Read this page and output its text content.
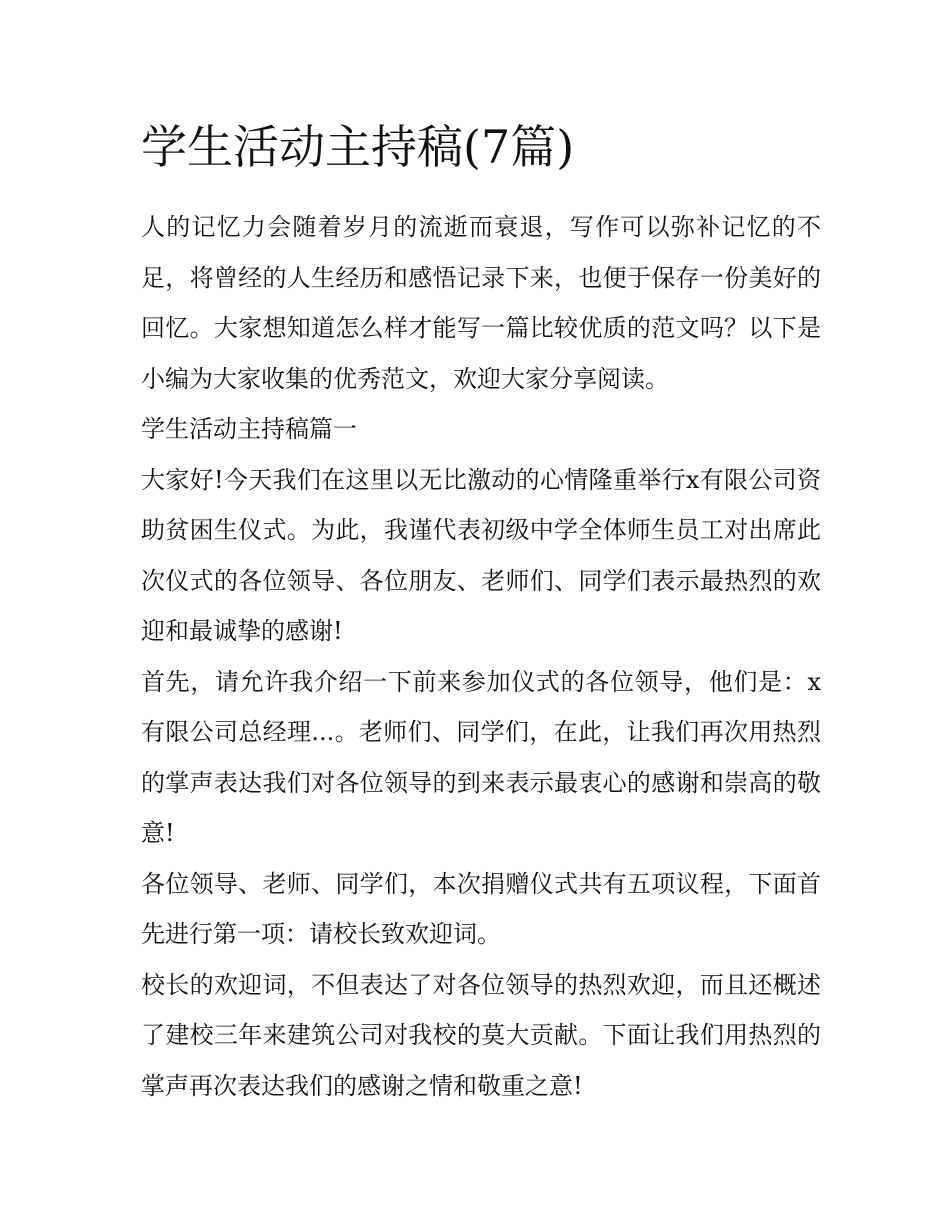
学生活动主持稿(7篇)

人的记忆力会随着岁月的流逝而衰退，写作可以弥补记忆的不足，将曾经的人生经历和感悟记录下来，也便于保存一份美好的回忆。大家想知道怎么样才能写一篇比较优质的范文吗？以下是小编为大家收集的优秀范文，欢迎大家分享阅读。

学生活动主持稿篇一

大家好!今天我们在这里以无比激动的心情隆重举行x有限公司资助贫困生仪式。为此，我谨代表初级中学全体师生员工对出席此次仪式的各位领导、各位朋友、老师们、同学们表示最热烈的欢迎和最诚挚的感谢!

首先，请允许我介绍一下前来参加仪式的各位领导，他们是：x有限公司总经理...。老师们、同学们，在此，让我们再次用热烈的掌声表达我们对各位领导的到来表示最衷心的感谢和崇高的敬意!

各位领导、老师、同学们，本次捐赠仪式共有五项议程，下面首先进行第一项：请校长致欢迎词。

校长的欢迎词，不但表达了对各位领导的热烈欢迎，而且还概述了建校三年来建筑公司对我校的莫大贡献。下面让我们用热烈的掌声再次表达我们的感谢之情和敬重之意!
